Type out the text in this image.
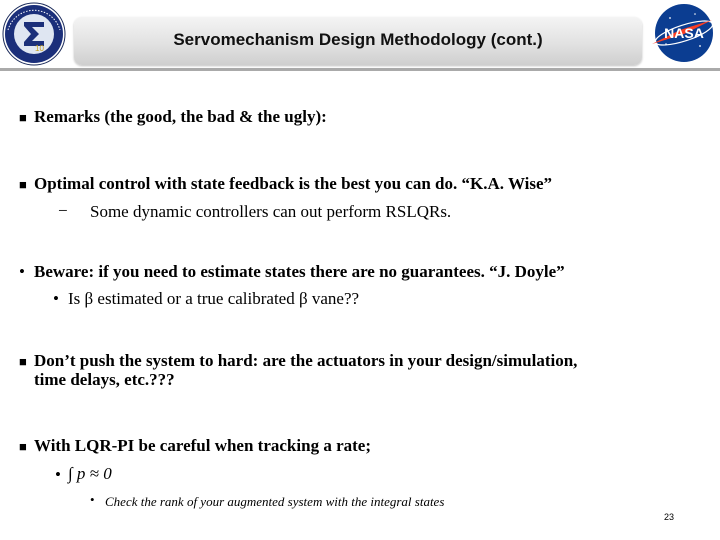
10	Servomechanism Design Methodology (cont.)	NASA
■ Remarks (the good, the bad & the ugly):
■ Optimal control with state feedback is the best you can do. “K.A. Wise”
− Some dynamic controllers can out perform RSLQRs.
• Beware: if you need to estimate states there are no guarantees. “J. Doyle”
• Is β estimated or a true calibrated β vane??
■ Don’t push the system to hard: are the actuators in your design/simulation,
time delays, etc.???
■ With LQR-PI be careful when tracking a rate;
• ∫ p ≈ 0
• Check the rank of your augmented system with the integral states
23
